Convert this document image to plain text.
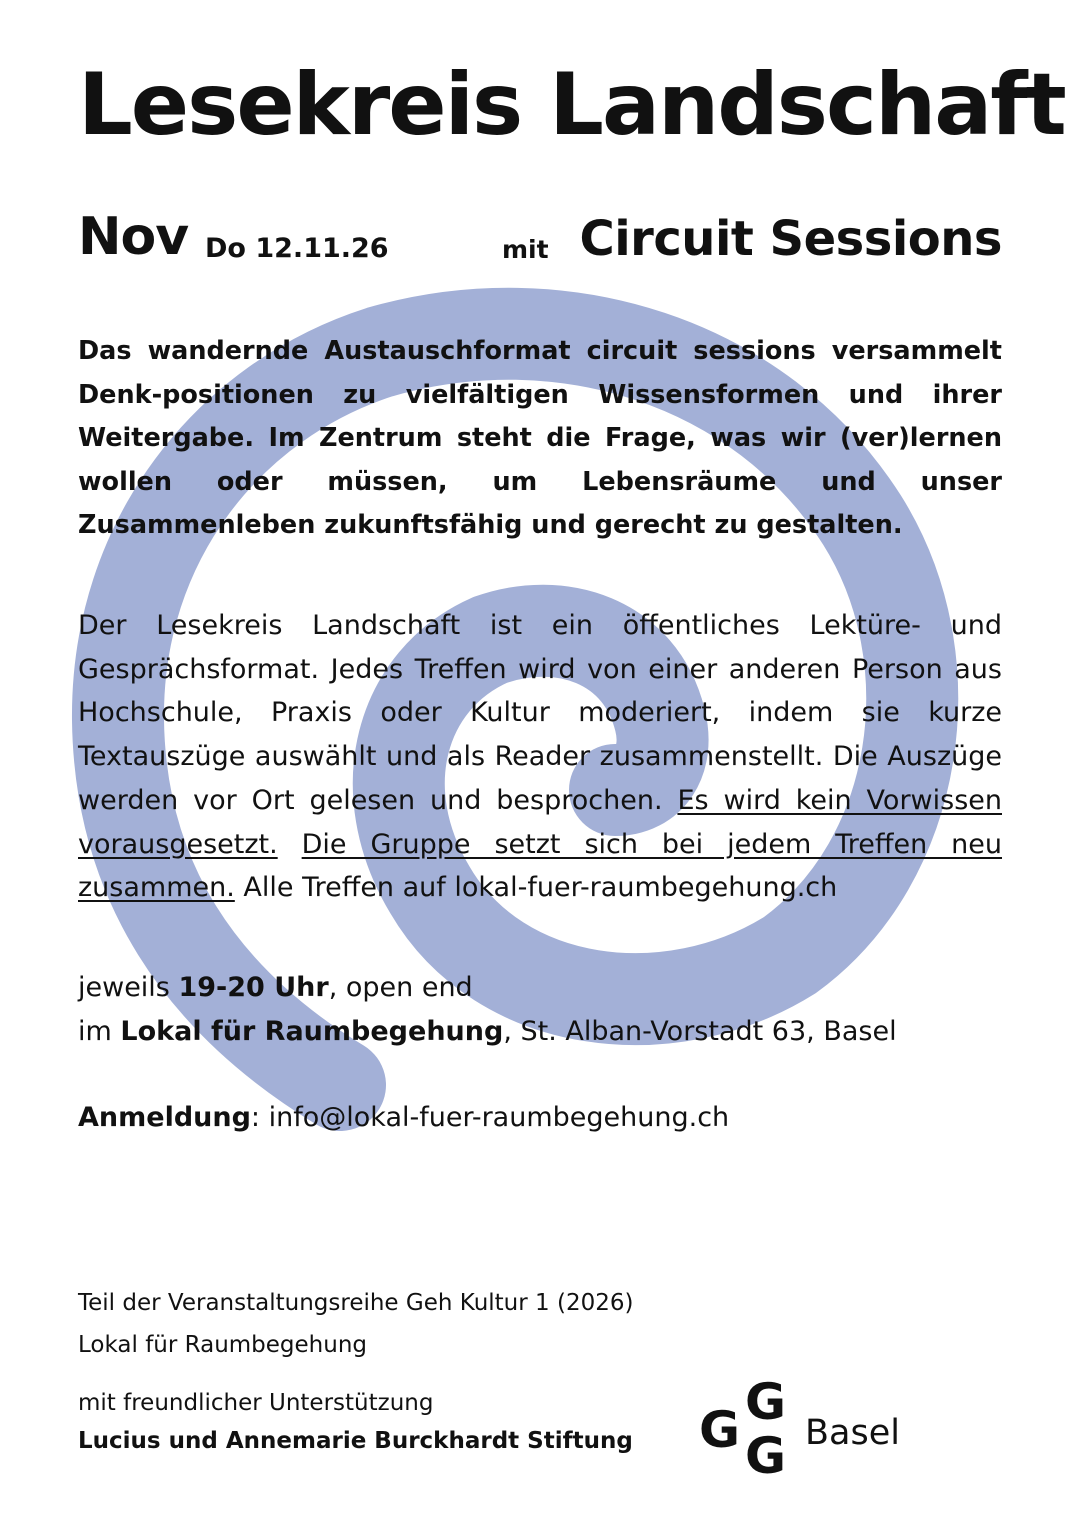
Lesekreis Landschaft
Nov Do 12.11.26	mit Circuit Sessions

Das wandernde Austauschformat circuit sessions versammelt Denk-positionen zu vielfältigen Wissensformen und ihrer Weitergabe. Im Zentrum steht die Frage, was wir (ver)lernen wollen oder müssen, um Lebensräume und unser Zusammenleben zukunftsfähig und gerecht zu gestalten.

Der Lesekreis Landschaft ist ein öffentliches Lektüre- und Gesprächsformat. Jedes Treffen wird von einer anderen Person aus Hochschule, Praxis oder Kultur moderiert, indem sie kurze Textauszüge auswählt und als Reader zusammenstellt. Die Auszüge werden vor Ort gelesen und besprochen. Es wird kein Vorwissen vorausgesetzt. Die Gruppe setzt sich bei jedem Treffen neu zusammen. Alle Treffen auf lokal-fuer-raumbegehung.ch

jeweils 19-20 Uhr, open end
im Lokal für Raumbegehung, St. Alban-Vorstadt 63, Basel

Anmeldung: info@lokal-fuer-raumbegehung.ch

Teil der Veranstaltungsreihe Geh Kultur 1 (2026)
Lokal für Raumbegehung

mit freundlicher Unterstützung
Lucius und Annemarie Burckhardt Stiftung

G
G G Basel
